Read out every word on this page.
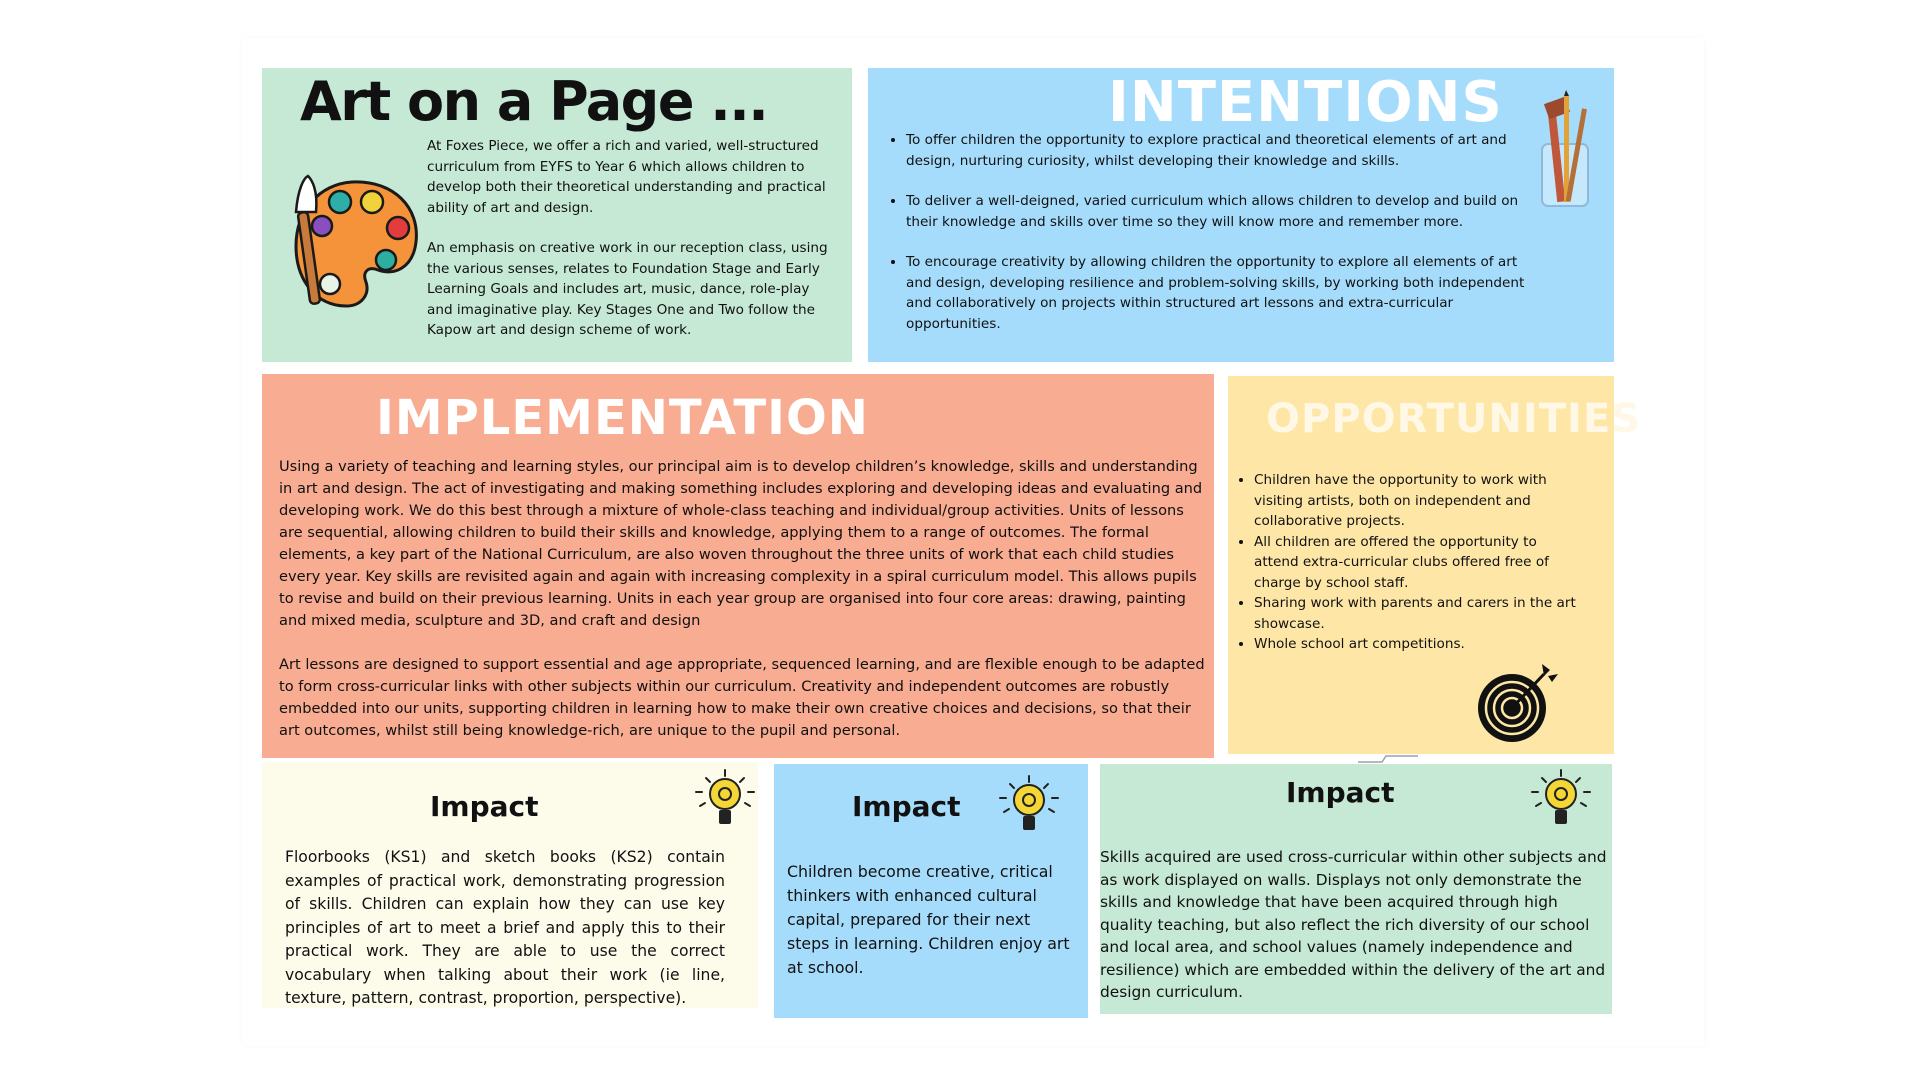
Art on a Page ...

At Foxes Piece, we offer a rich and varied, well-structured curriculum from EYFS to Year 6 which allows children to develop both their theoretical understanding and practical ability of art and design.

An emphasis on creative work in our reception class, using the various senses, relates to Foundation Stage and Early Learning Goals and includes art, music, dance, role-play and imaginative play. Key Stages One and Two follow the Kapow art and design scheme of work.

INTENTIONS
• To offer children the opportunity to explore practical and theoretical elements of art and design, nurturing curiosity, whilst developing their knowledge and skills.
• To deliver a well-deigned, varied curriculum which allows children to develop and build on their knowledge and skills over time so they will know more and remember more.
• To encourage creativity by allowing children the opportunity to explore all elements of art and design, developing resilience and problem-solving skills, by working both independent and collaboratively on projects within structured art lessons and extra-curricular opportunities.
IMPLEMENTATION

Using a variety of teaching and learning styles, our principal aim is to develop children’s knowledge, skills and understanding in art and design. The act of investigating and making something includes exploring and developing ideas and evaluating and developing work. We do this best through a mixture of whole-class teaching and individual/group activities. Units of lessons are sequential, allowing children to build their skills and knowledge, applying them to a range of outcomes. The formal elements, a key part of the National Curriculum, are also woven throughout the three units of work that each child studies every year. Key skills are revisited again and again with increasing complexity in a spiral curriculum model. This allows pupils to revise and build on their previous learning. Units in each year group are organised into four core areas: drawing, painting and mixed media, sculpture and 3D, and craft and design

Art lessons are designed to support essential and age appropriate, sequenced learning, and are flexible enough to be adapted to form cross-curricular links with other subjects within our curriculum. Creativity and independent outcomes are robustly embedded into our units, supporting children in learning how to make their own creative choices and decisions, so that their art outcomes, whilst still being knowledge-rich, are unique to the pupil and personal.

OPPORTUNITIES
• Children have the opportunity to work with visiting artists, both on independent and collaborative projects.
• All children are offered the opportunity to attend extra-curricular clubs offered free of charge by school staff.
• Sharing work with parents and carers in the art showcase.
• Whole school art competitions.
Impact

Floorbooks (KS1) and sketch books (KS2) contain examples of practical work, demonstrating progression of skills. Children can explain how they can use key principles of art to meet a brief and apply this to their practical work. They are able to use the correct vocabulary when talking about their work (ie line, texture, pattern, contrast, proportion, perspective).

Impact

Children become creative, critical thinkers with enhanced cultural capital, prepared for their next steps in learning. Children enjoy art at school.

Impact

Skills acquired are used cross-curricular within other subjects and as work displayed on walls. Displays not only demonstrate the skills and knowledge that have been acquired through high quality teaching, but also reflect the rich diversity of our school and local area, and school values (namely independence and resilience) which are embedded within the delivery of the art and design curriculum.
